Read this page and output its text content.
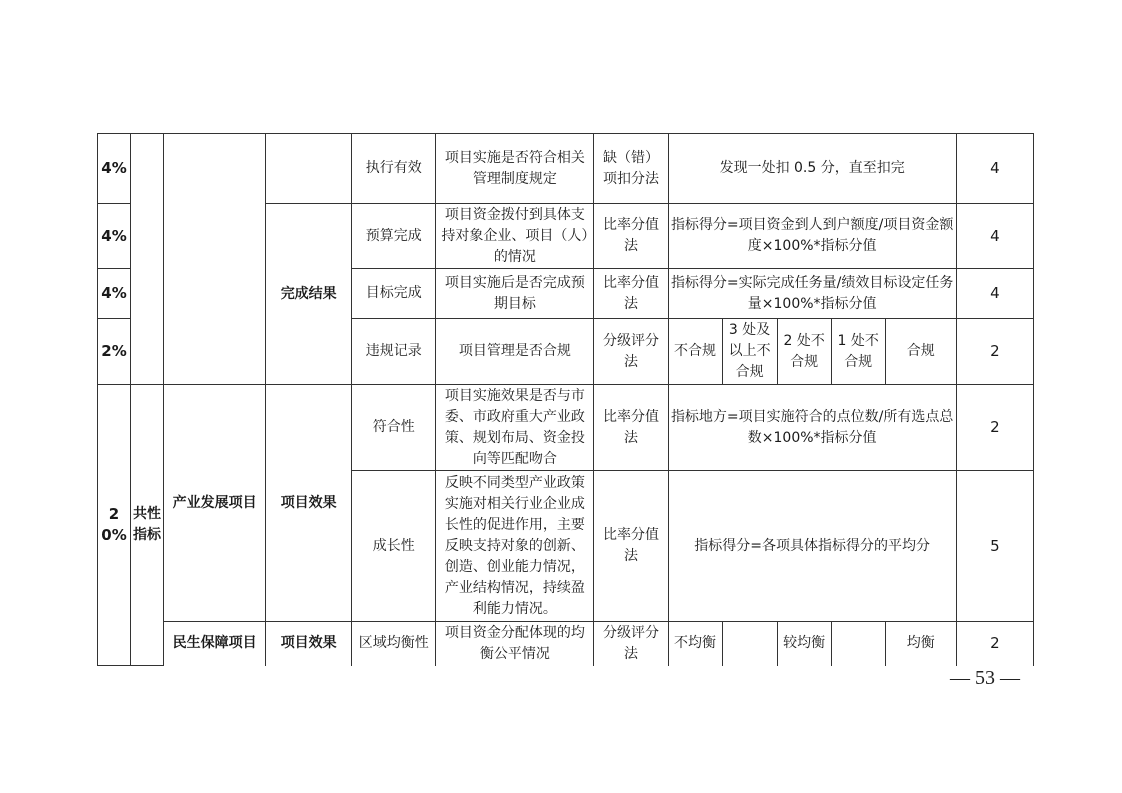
4%				执行有效	项目实施是否符合相关管理制度规定	缺（错）项扣分法	发现一处扣 0.5 分，直至扣完					4
4%			完成结果	预算完成	项目资金拨付到具体支持对象企业、项目（人）的情况	比率分值法	指标得分=项目资金到人到户额度/项目资金额度×100%*指标分值					4
4%				目标完成	项目实施后是否完成预期目标	比率分值法	指标得分=实际完成任务量/绩效目标设定任务量×100%*指标分值					4
2%				违规记录	项目管理是否合规	分级评分法	不合规	3 处及以上不合规	2 处不合规	1 处不合规	合规	2
20%	共性指标	产业发展项目	项目效果	符合性	项目实施效果是否与市委、市政府重大产业政策、规划布局、资金投向等匹配吻合	比率分值法	指标地方=项目实施符合的点位数/所有选点总数×100%*指标分值					2
				成长性	反映不同类型产业政策实施对相关行业企业成长性的促进作用，主要反映支持对象的创新、创造、创业能力情况，产业结构情况，持续盈利能力情况。	比率分值法	指标得分=各项具体指标得分的平均分					5
		民生保障项目	项目效果	区域均衡性	项目资金分配体现的均衡公平情况	分级评分法	不均衡		较均衡		均衡	2
— 53 —
